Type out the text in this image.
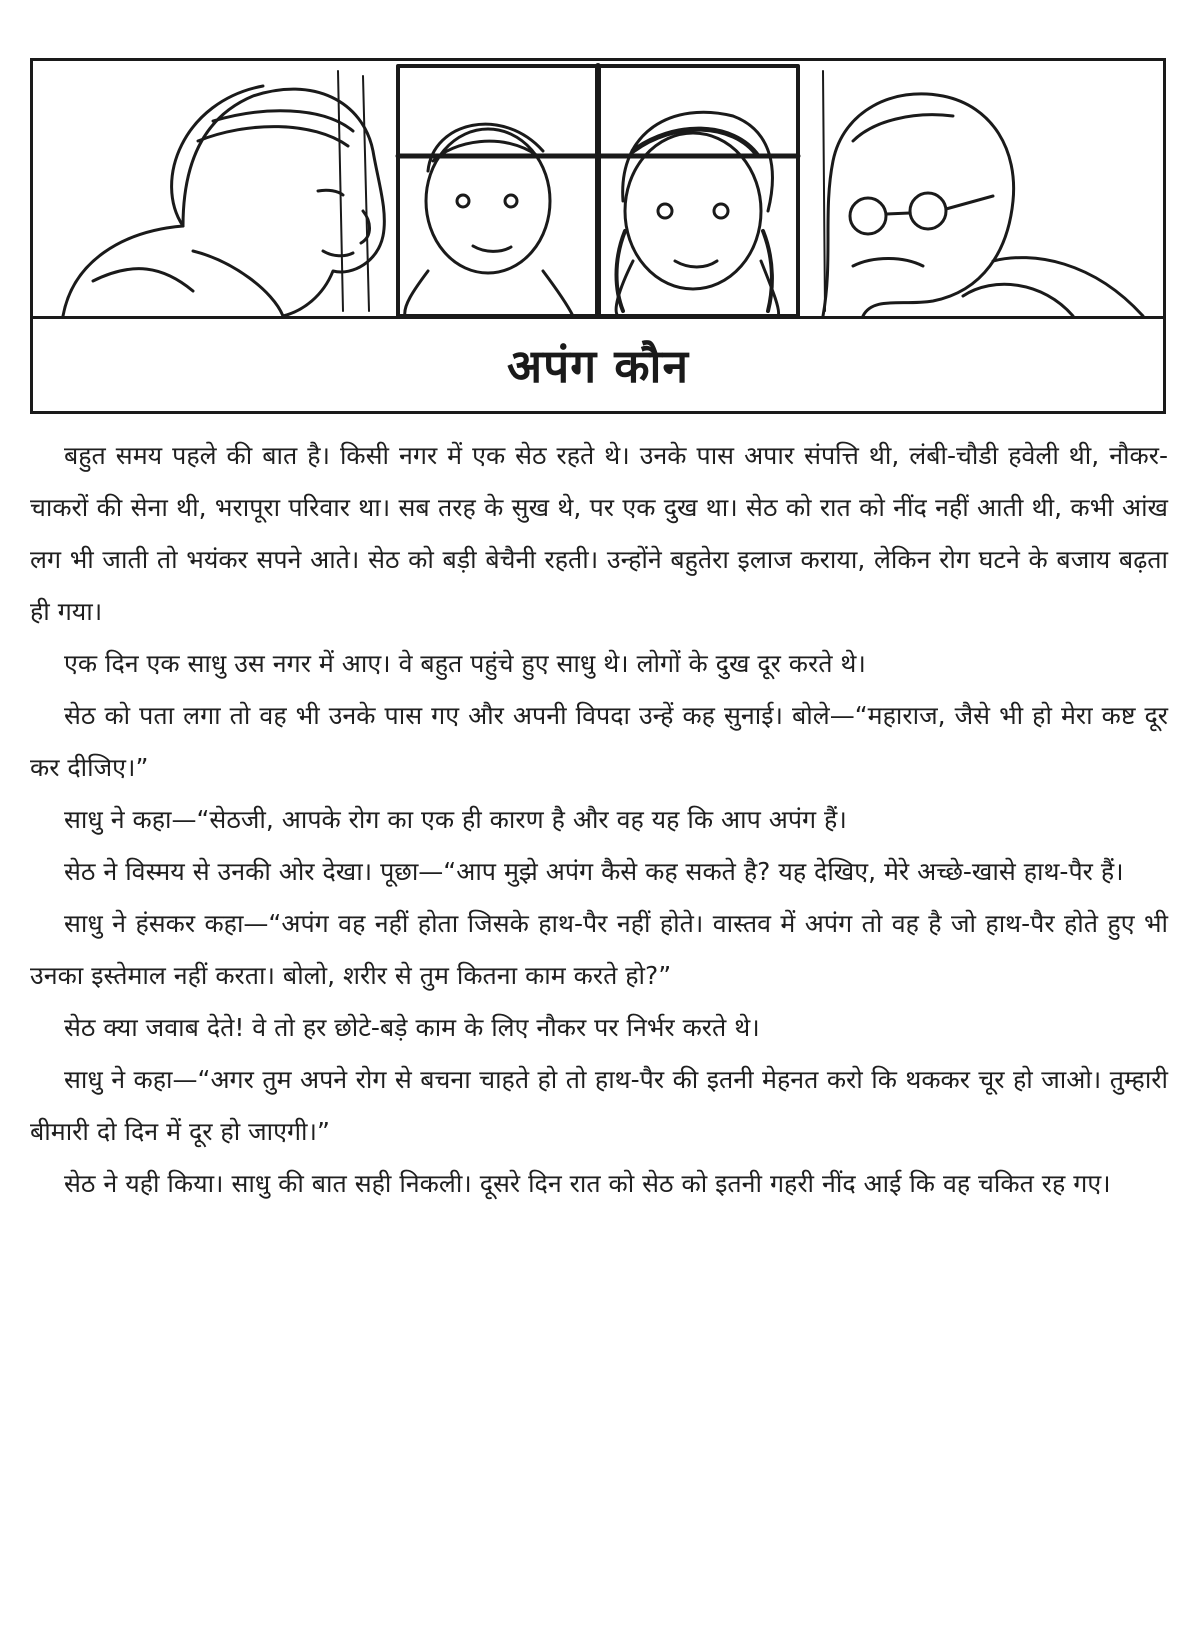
अपंग कौन

बहुत समय पहले की बात है। किसी नगर में एक सेठ रहते थे। उनके पास अपार संपत्ति थी, लंबी-चौडी हवेली थी, नौकर-चाकरों की सेना थी, भरापूरा परिवार था। सब तरह के सुख थे, पर एक दुख था। सेठ को रात को नींद नहीं आती थी, कभी आंख लग भी जाती तो भयंकर सपने आते। सेठ को बड़ी बेचैनी रहती। उन्होंने बहुतेरा इलाज कराया, लेकिन रोग घटने के बजाय बढ़ता ही गया।

एक दिन एक साधु उस नगर में आए। वे बहुत पहुंचे हुए साधु थे। लोगों के दुख दूर करते थे।

सेठ को पता लगा तो वह भी उनके पास गए और अपनी विपदा उन्हें कह सुनाई। बोले—“महाराज, जैसे भी हो मेरा कष्ट दूर कर दीजिए।”

साधु ने कहा—“सेठजी, आपके रोग का एक ही कारण है और वह यह कि आप अपंग हैं।

सेठ ने विस्मय से उनकी ओर देखा। पूछा—“आप मुझे अपंग कैसे कह सकते है? यह देखिए, मेरे अच्छे-खासे हाथ-पैर हैं।

साधु ने हंसकर कहा—“अपंग वह नहीं होता जिसके हाथ-पैर नहीं होते। वास्तव में अपंग तो वह है जो हाथ-पैर होते हुए भी उनका इस्तेमाल नहीं करता। बोलो, शरीर से तुम कितना काम करते हो?”

सेठ क्या जवाब देते! वे तो हर छोटे-बड़े काम के लिए नौकर पर निर्भर करते थे।

साधु ने कहा—“अगर तुम अपने रोग से बचना चाहते हो तो हाथ-पैर की इतनी मेहनत करो कि थककर चूर हो जाओ। तुम्हारी बीमारी दो दिन में दूर हो जाएगी।”

सेठ ने यही किया। साधु की बात सही निकली। दूसरे दिन रात को सेठ को इतनी गहरी नींद आई कि वह चकित रह गए।
